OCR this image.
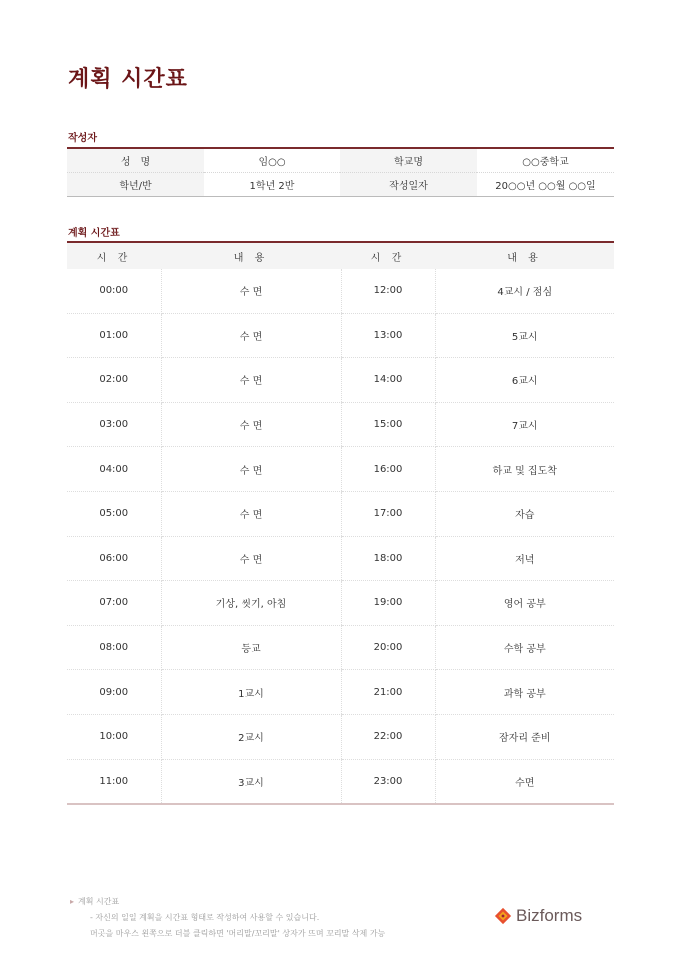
계획 시간표
작성자
성　명	임○○	학교명	○○중학교
학년/반	1학년 2반	작성일자	20○○년 ○○월 ○○일
계획 시간표
시 간	내 용	시 간	내 용
00:00	수 면	12:00	4교시 / 점심
01:00	수 면	13:00	5교시
02:00	수 면	14:00	6교시
03:00	수 면	15:00	7교시
04:00	수 면	16:00	하교 및 집도착
05:00	수 면	17:00	자습
06:00	수 면	18:00	저녁
07:00	기상, 씻기, 아침	19:00	영어 공부
08:00	등교	20:00	수학 공부
09:00	1교시	21:00	과학 공부
10:00	2교시	22:00	잠자리 준비
11:00	3교시	23:00	수면
▸ 계획 시간표
- 자신의 일일 계획을 시간표 형태로 작성하여 사용할 수 있습니다.
머곳을 마우스 왼쪽으로 더블 클릭하면 '머리말/꼬리말' 상자가 뜨며 꼬리말 삭제 가능
Bizforms
